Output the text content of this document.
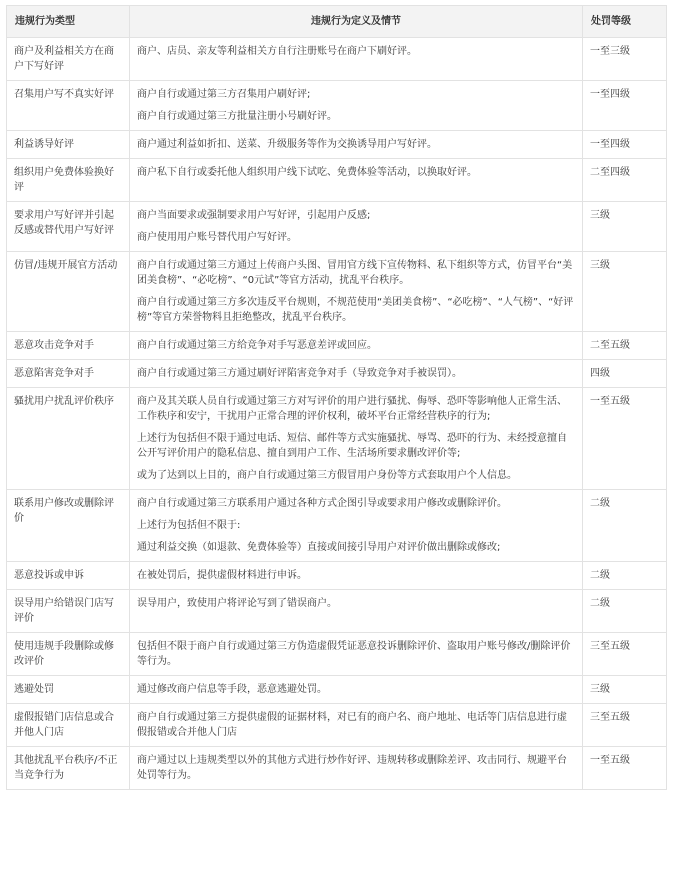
违规行为类型	违规行为定义及情节	处罚等级
商户及利益相关方在商户下写好评	商户、店员、亲友等利益相关方自行注册账号在商户下刷好评。	一至三级
召集用户写不真实好评	商户自行或通过第三方召集用户刷好评;
商户自行或通过第三方批量注册小号刷好评。	一至四级
利益诱导好评	商户通过利益如折扣、送菜、升级服务等作为交换诱导用户写好评。	一至四级
组织用户免费体验换好评	商户私下自行或委托他人组织用户线下试吃、免费体验等活动，以换取好评。	二至四级
要求用户写好评并引起反感或替代用户写好评	商户当面要求或强制要求用户写好评，引起用户反感;
商户使用用户账号替代用户写好评。	三级
仿冒/违规开展官方活动	商户自行或通过第三方通过上传商户头图、冒用官方线下宣传物料、私下组织等方式，仿冒平台“美团美食榜”、“必吃榜”、“0元试”等官方活动，扰乱平台秩序。
商户自行或通过第三方多次违反平台规则，不规范使用“美团美食榜”、“必吃榜”、“人气榜”、“好评榜”等官方荣誉物料且拒绝整改，扰乱平台秩序。	三级
恶意攻击竞争对手	商户自行或通过第三方给竞争对手写恶意差评或回应。	二至五级
恶意陷害竞争对手	商户自行或通过第三方通过刷好评陷害竞争对手（导致竞争对手被误罚）。	四级
骚扰用户扰乱评价秩序	商户及其关联人员自行或通过第三方对写评价的用户进行骚扰、侮辱、恐吓等影响他人正常生活、工作秩序和安宁，干扰用户正常合理的评价权利，破坏平台正常经营秩序的行为;
上述行为包括但不限于通过电话、短信、邮件等方式实施骚扰、辱骂、恐吓的行为、未经授意擅自公开写评价用户的隐私信息、擅自到用户工作、生活场所要求删改评价等;
或为了达到以上目的，商户自行或通过第三方假冒用户身份等方式套取用户个人信息。	一至五级
联系用户修改或删除评价	商户自行或通过第三方联系用户通过各种方式企图引导或要求用户修改或删除评价。
上述行为包括但不限于:
通过利益交换（如退款、免费体验等）直接或间接引导用户对评价做出删除或修改;	二级
恶意投诉或申诉	在被处罚后，提供虚假材料进行申诉。	二级
误导用户给错误门店写评价	误导用户，致使用户将评论写到了错误商户。	二级
使用违规手段删除或修改评价	包括但不限于商户自行或通过第三方伪造虚假凭证恶意投诉删除评价、盗取用户账号修改/删除评价等行为。	三至五级
逃避处罚	通过修改商户信息等手段，恶意逃避处罚。	三级
虚假报错门店信息或合并他人门店	商户自行或通过第三方提供虚假的证据材料，对已有的商户名、商户地址、电话等门店信息进行虚假报错或合并他人门店	三至五级
其他扰乱平台秩序/不正当竞争行为	商户通过以上违规类型以外的其他方式进行炒作好评、违规转移或删除差评、攻击同行、规避平台处罚等行为。	一至五级
